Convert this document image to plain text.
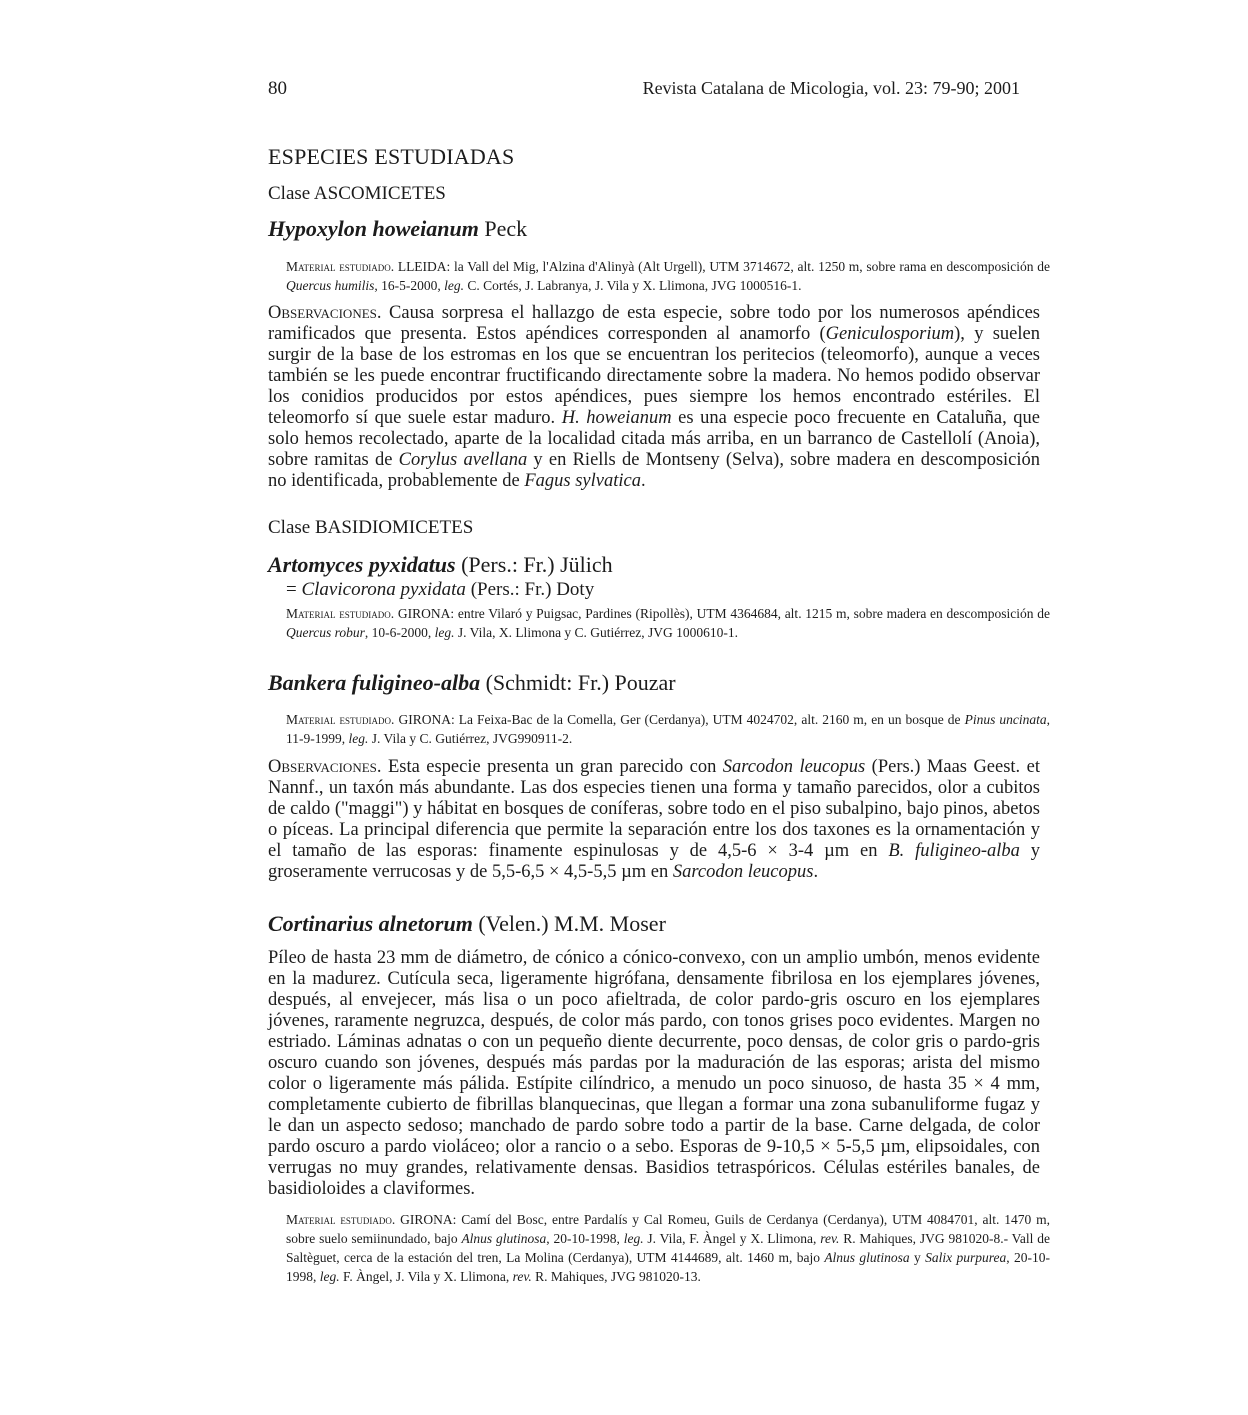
80	Revista Catalana de Micologia, vol. 23: 79-90; 2001
ESPECIES ESTUDIADAS
Clase ASCOMICETES
Hypoxylon howeianum Peck
Material estudiado. LLEIDA: la Vall del Mig, l'Alzina d'Alinyà (Alt Urgell), UTM 3714672, alt. 1250 m, sobre rama en descomposición de Quercus humilis, 16-5-2000, leg. C. Cortés, J. Labranya, J. Vila y X. Llimona, JVG 1000516-1.
Observaciones. Causa sorpresa el hallazgo de esta especie, sobre todo por los numerosos apéndices ramificados que presenta. Estos apéndices corresponden al anamorfo (Geniculosporium), y suelen surgir de la base de los estromas en los que se encuentran los peritecios (teleomorfo), aunque a veces también se les puede encontrar fructificando directamente sobre la madera. No hemos podido observar los conidios producidos por estos apéndices, pues siempre los hemos encontrado estériles. El teleomorfo sí que suele estar maduro. H. howeianum es una especie poco frecuente en Cataluña, que solo hemos recolectado, aparte de la localidad citada más arriba, en un barranco de Castellolí (Anoia), sobre ramitas de Corylus avellana y en Riells de Montseny (Selva), sobre madera en descomposición no identificada, probablemente de Fagus sylvatica.
Clase BASIDIOMICETES
Artomyces pyxidatus (Pers.: Fr.) Jülich
= Clavicorona pyxidata (Pers.: Fr.) Doty
Material estudiado. GIRONA: entre Vilaró y Puigsac, Pardines (Ripollès), UTM 4364684, alt. 1215 m, sobre madera en descomposición de Quercus robur, 10-6-2000, leg. J. Vila, X. Llimona y C. Gutiérrez, JVG 1000610-1.
Bankera fuligineo-alba (Schmidt: Fr.) Pouzar
Material estudiado. GIRONA: La Feixa-Bac de la Comella, Ger (Cerdanya), UTM 4024702, alt. 2160 m, en un bosque de Pinus uncinata, 11-9-1999, leg. J. Vila y C. Gutiérrez, JVG990911-2.
Observaciones. Esta especie presenta un gran parecido con Sarcodon leucopus (Pers.) Maas Geest. et Nannf., un taxón más abundante. Las dos especies tienen una forma y tamaño parecidos, olor a cubitos de caldo ("maggi") y hábitat en bosques de coníferas, sobre todo en el piso subalpino, bajo pinos, abetos o píceas. La principal diferencia que permite la separación entre los dos taxones es la ornamentación y el tamaño de las esporas: finamente espinulosas y de 4,5-6 × 3-4 µm en B. fuligineo-alba y groseramente verrucosas y de 5,5-6,5 × 4,5-5,5 µm en Sarcodon leucopus.
Cortinarius alnetorum (Velen.) M.M. Moser
Píleo de hasta 23 mm de diámetro, de cónico a cónico-convexo, con un amplio umbón, menos evidente en la madurez. Cutícula seca, ligeramente higrófana, densamente fibrilosa en los ejemplares jóvenes, después, al envejecer, más lisa o un poco afieltrada, de color pardo-gris oscuro en los ejemplares jóvenes, raramente negruzca, después, de color más pardo, con tonos grises poco evidentes. Margen no estriado. Láminas adnatas o con un pequeño diente decurrente, poco densas, de color gris o pardo-gris oscuro cuando son jóvenes, después más pardas por la maduración de las esporas; arista del mismo color o ligeramente más pálida. Estípite cilíndrico, a menudo un poco sinuoso, de hasta 35 × 4 mm, completamente cubierto de fibrillas blanquecinas, que llegan a formar una zona subanuliforme fugaz y le dan un aspecto sedoso; manchado de pardo sobre todo a partir de la base. Carne delgada, de color pardo oscuro a pardo violáceo; olor a rancio o a sebo. Esporas de 9-10,5 × 5-5,5 µm, elipsoidales, con verrugas no muy grandes, relativamente densas. Basidios tetraspóricos. Células estériles banales, de basidioloides a claviformes.
Material estudiado. GIRONA: Camí del Bosc, entre Pardalís y Cal Romeu, Guils de Cerdanya (Cerdanya), UTM 4084701, alt. 1470 m, sobre suelo semiinundado, bajo Alnus glutinosa, 20-10-1998, leg. J. Vila, F. Àngel y X. Llimona, rev. R. Mahiques, JVG 981020-8.- Vall de Saltèguet, cerca de la estación del tren, La Molina (Cerdanya), UTM 4144689, alt. 1460 m, bajo Alnus glutinosa y Salix purpurea, 20-10-1998, leg. F. Àngel, J. Vila y X. Llimona, rev. R. Mahiques, JVG 981020-13.
